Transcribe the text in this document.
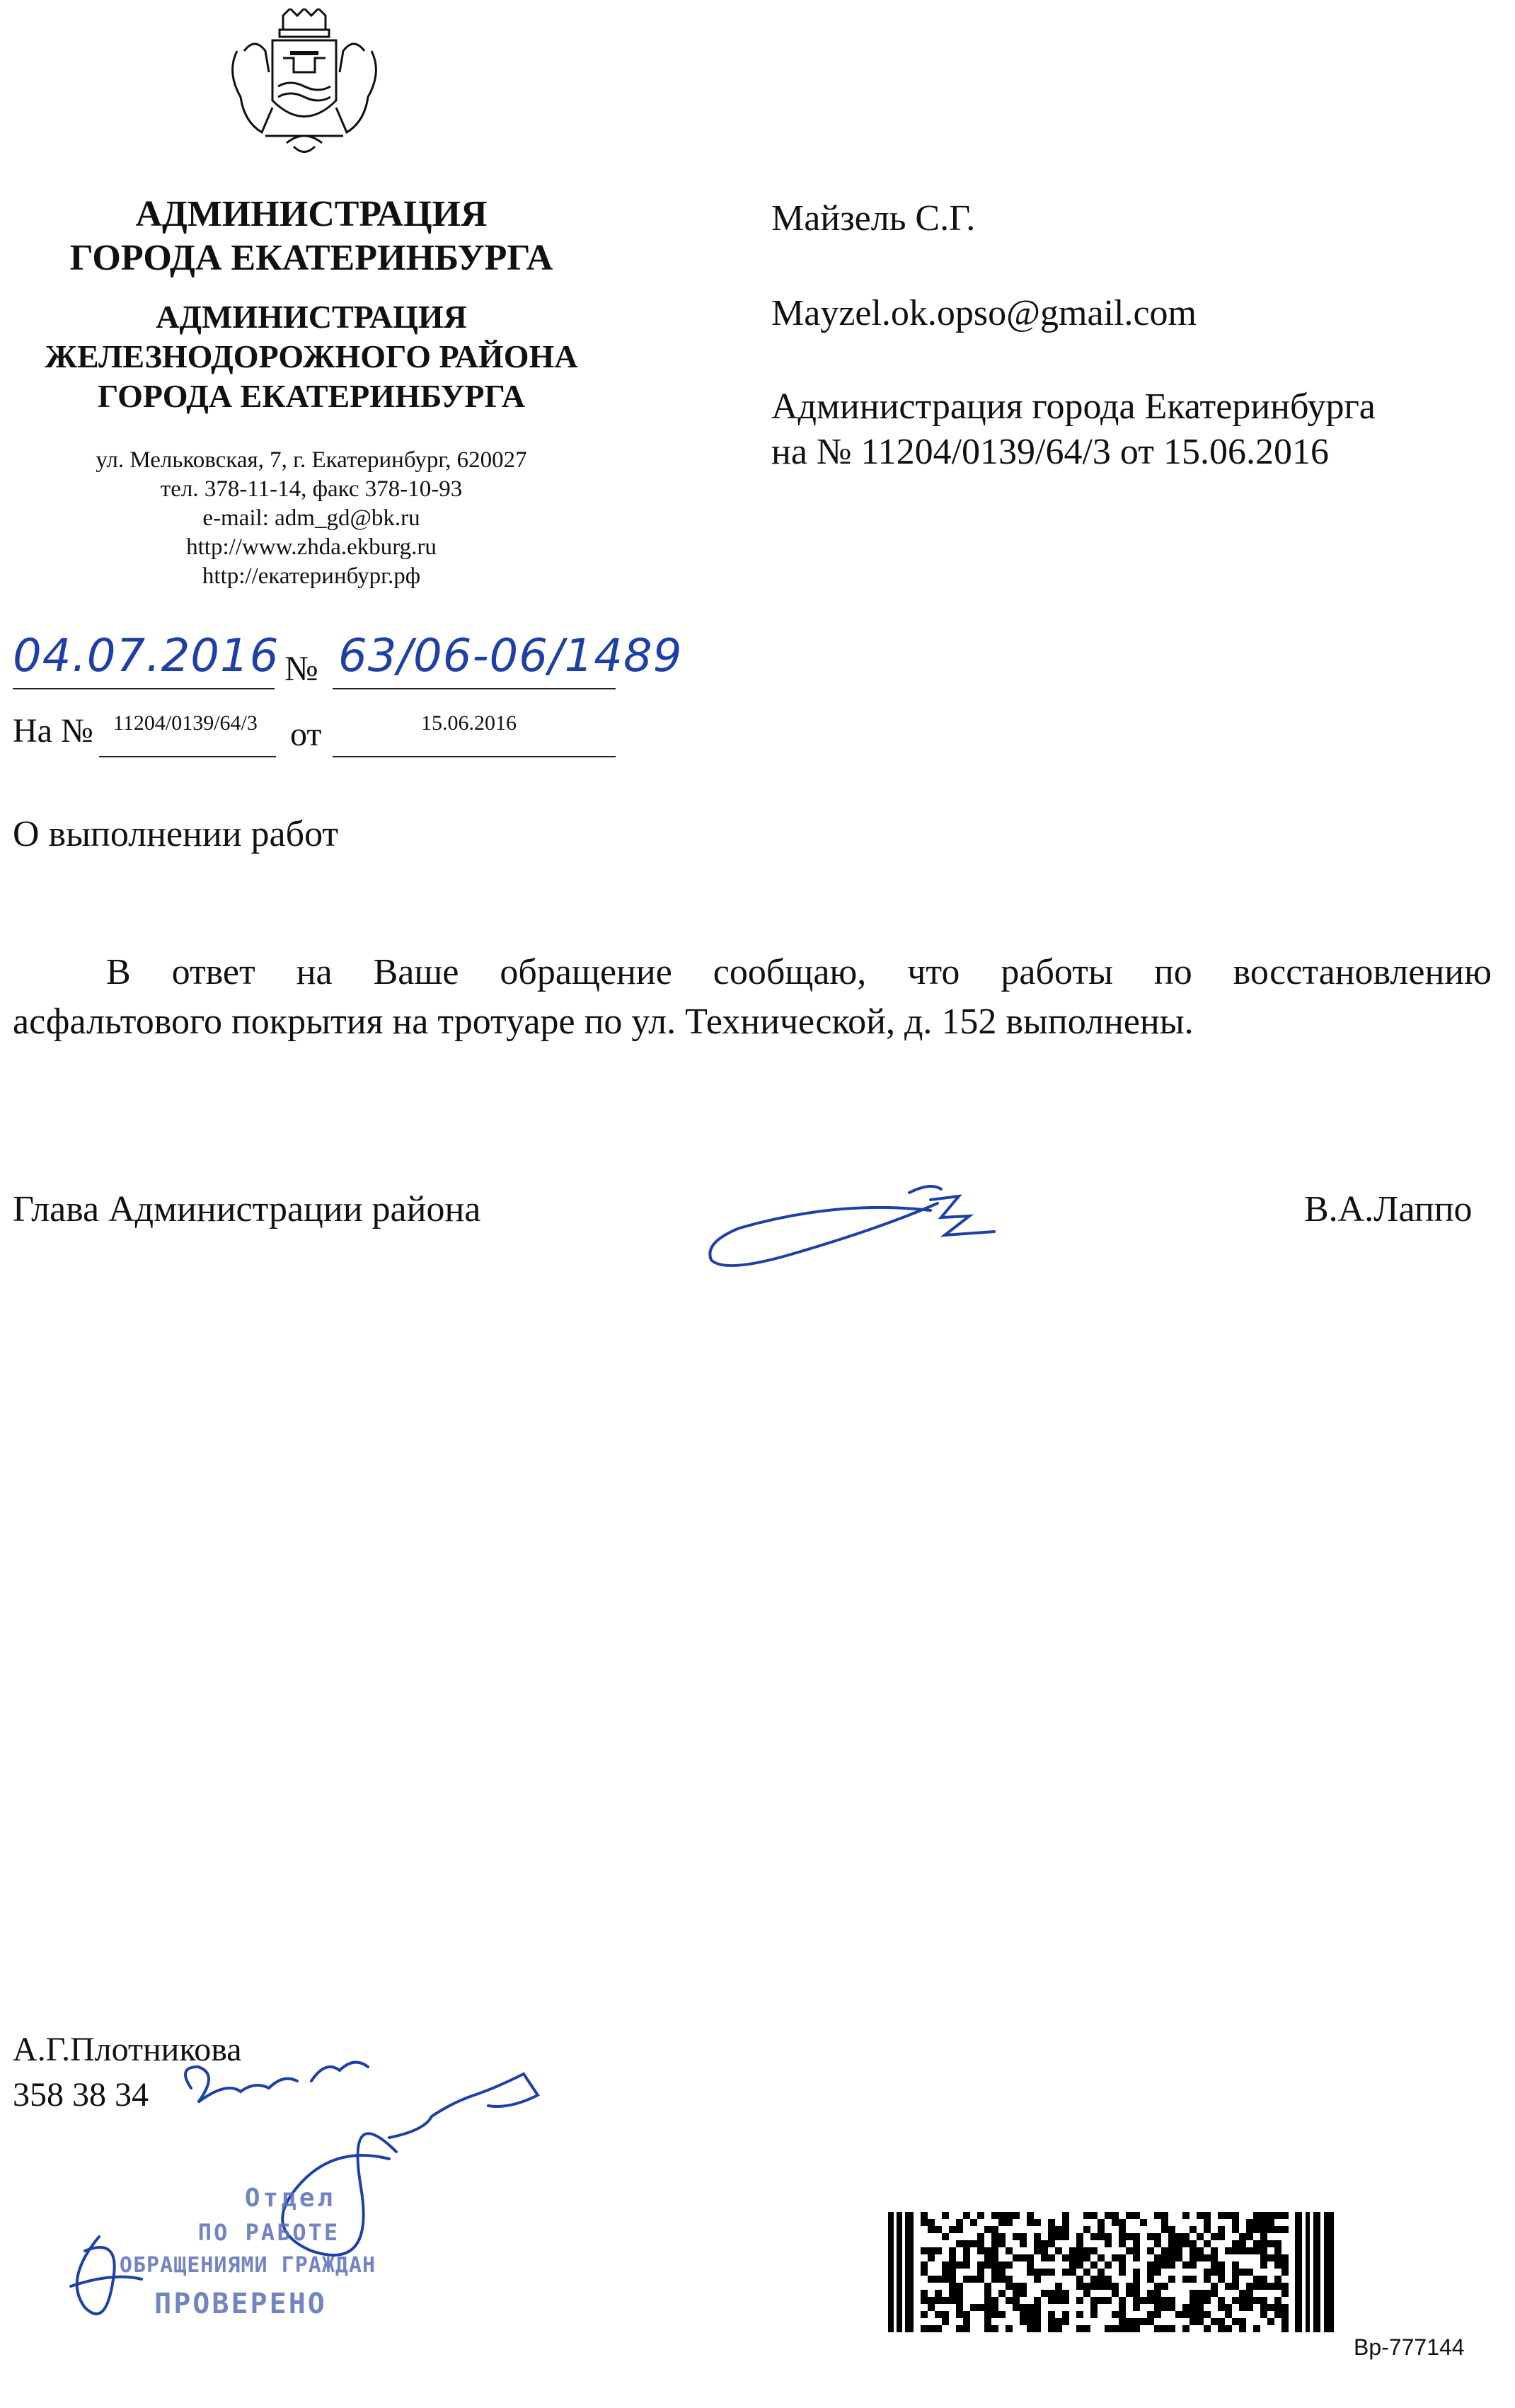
АДМИНИСТРАЦИЯ
ГОРОДА ЕКАТЕРИНБУРГА
АДМИНИСТРАЦИЯ
ЖЕЛЕЗНОДОРОЖНОГО РАЙОНА
ГОРОДА ЕКАТЕРИНБУРГА
ул. Мельковская, 7, г. Екатеринбург, 620027
тел. 378-11-14, факс 378-10-93
e-mail: adm_gd@bk.ru
http://www.zhda.ekburg.ru
http://екатеринбург.рф
Майзель С.Г.
Mayzel.ok.opso@gmail.com
Администрация города Екатеринбурга
на № 11204/0139/64/3 от 15.06.2016
04.07.2016 № 63/06-06/1489
На № 11204/0139/64/3 от	15.06.2016
О выполнении работ
В ответ на Ваше обращение сообщаю, что работы по восстановлению
асфальтового покрытия на тротуаре по ул. Технической, д. 152 выполнены.
Глава Администрации района	В.А.Лаппо
А.Г.Плотникова
358 38 34
Отдел
ПО РАБОТЕ
ОБРАЩЕНИЯМИ ГРАЖДАН
ПРОВЕРЕНО
Вр-777144
